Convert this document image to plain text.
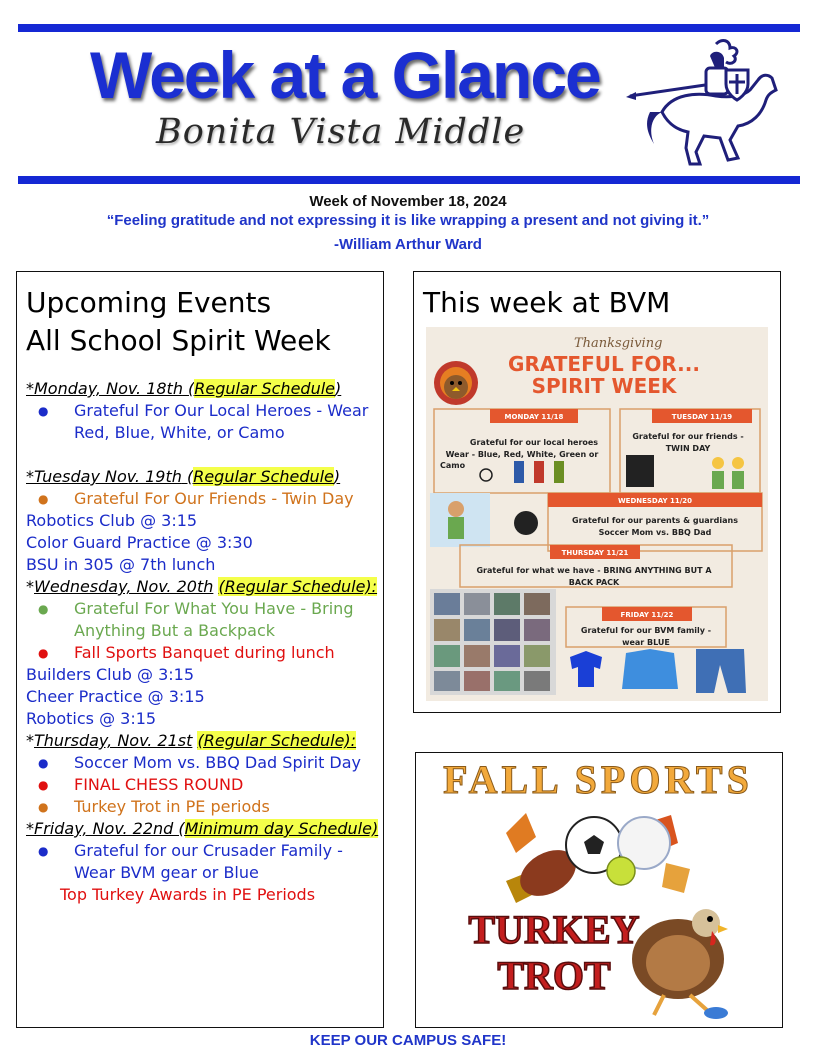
Week at a Glance
Bonita Vista Middle
Week of November 18, 2024
“Feeling gratitude and not expressing it is like wrapping a present and not giving it.”
-William Arthur Ward
Upcoming Events
All School Spirit Week
*Monday, Nov. 18th (Regular Schedule)
● Grateful For Our Local Heroes - Wear Red, Blue, White, or Camo
*Tuesday Nov. 19th (Regular Schedule)
● Grateful For Our Friends - Twin Day
Robotics Club @ 3:15
Color Guard Practice @ 3:30
BSU in 305 @ 7th lunch
*Wednesday, Nov. 20th (Regular Schedule):
● Grateful For What You Have - Bring Anything But a Backpack
● Fall Sports Banquet during lunch
Builders Club @ 3:15
Cheer Practice @ 3:15
Robotics @ 3:15
*Thursday, Nov. 21st (Regular Schedule):
● Soccer Mom vs. BBQ Dad Spirit Day
● FINAL CHESS ROUND
● Turkey Trot in PE periods
*Friday, Nov. 22nd (Minimum day Schedule)
● Grateful for our Crusader Family - Wear BVM gear or Blue
Top Turkey Awards in PE Periods
This week at BVM
Thanksgiving
GRATEFUL FOR...
SPIRIT WEEK
MONDAY 11/18
Grateful for our local heroes
Wear - Blue, Red, White, Green or
Camo
TUESDAY 11/19
Grateful for our friends -
TWIN DAY
WEDNESDAY 11/20
Grateful for our parents & guardians
Soccer Mom vs. BBQ Dad
THURSDAY 11/21
Grateful for what we have - BRING ANYTHING BUT A
BACK PACK
FRIDAY 11/22
Grateful for our BVM family -
wear BLUE
FALL SPORTS
TURKEY
TROT
KEEP OUR CAMPUS SAFE!
